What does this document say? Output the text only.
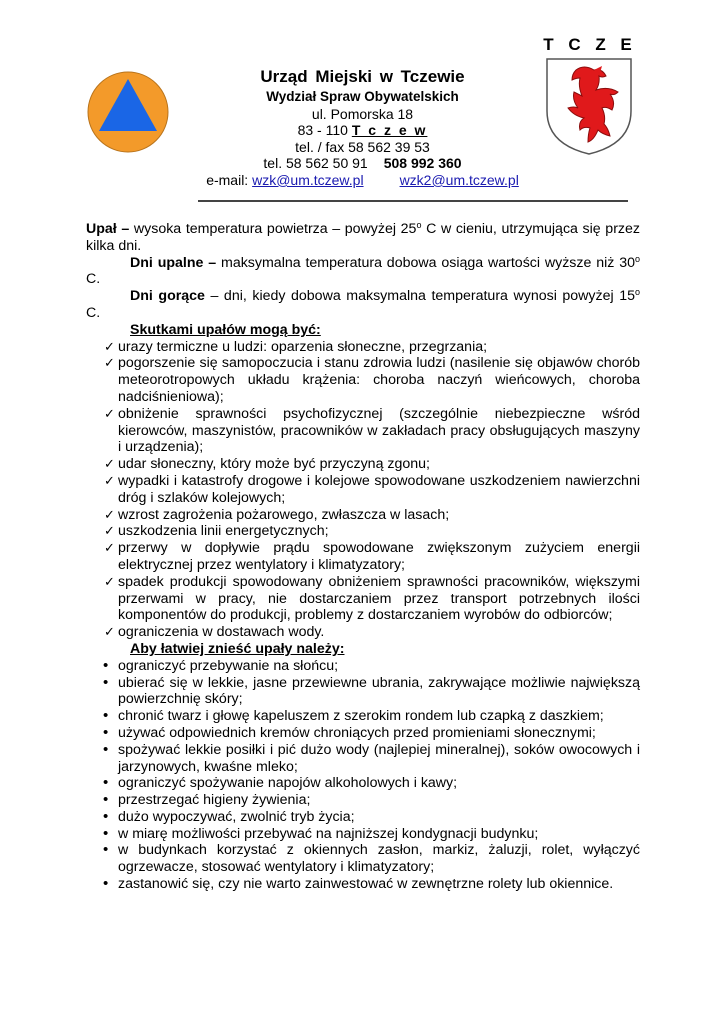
T C Z E
Urząd Miejski w Tczewie
Wydział Spraw Obywatelskich
ul. Pomorska 18
83 - 110 T c z e w
tel. / fax 58 562 39 53
tel. 58 562 50 91 508 992 360
e-mail: wzk@um.tczew.pl	wzk2@um.tczew.pl

Upał – wysoka temperatura powietrza – powyżej 25$^o$ C w cieniu, utrzymująca się przez kilka dni.

Dni upalne – maksymalna temperatura dobowa osiąga wartości wyższe niż 30$^o$ C.

Dni gorące – dni, kiedy dobowa maksymalna temperatura wynosi powyżej 15$^o$ C.

Skutkami upałów mogą być:

✓ urazy termiczne u ludzi: oparzenia słoneczne, przegrzania;
✓ pogorszenie się samopoczucia i stanu zdrowia ludzi (nasilenie się objawów chorób meteorotropowych układu krążenia: choroba naczyń wieńcowych, choroba nadciśnieniowa);
✓ obniżenie sprawności psychofizycznej (szczególnie niebezpieczne wśród kierowców, maszynistów, pracowników w zakładach pracy obsługujących maszyny i urządzenia);
✓ udar słoneczny, który może być przyczyną zgonu;
✓ wypadki i katastrofy drogowe i kolejowe spowodowane uszkodzeniem nawierzchni dróg i szlaków kolejowych;
✓ wzrost zagrożenia pożarowego, zwłaszcza w lasach;
✓ uszkodzenia linii energetycznych;
✓ przerwy w dopływie prądu spowodowane zwiększonym zużyciem energii elektrycznej przez wentylatory i klimatyzatory;
✓ spadek produkcji spowodowany obniżeniem sprawności pracowników, większymi przerwami w pracy, nie dostarczaniem przez transport potrzebnych ilości komponentów do produkcji, problemy z dostarczaniem wyrobów do odbiorców;
✓ ograniczenia w dostawach wody.

Aby łatwiej znieść upały należy:

• ograniczyć przebywanie na słońcu;
• ubierać się w lekkie, jasne przewiewne ubrania, zakrywające możliwie największą powierzchnię skóry;
• chronić twarz i głowę kapeluszem z szerokim rondem lub czapką z daszkiem;
• używać odpowiednich kremów chroniących przed promieniami słonecznymi;
• spożywać lekkie posiłki i pić dużo wody (najlepiej mineralnej), soków owocowych i jarzynowych, kwaśne mleko;
• ograniczyć spożywanie napojów alkoholowych i kawy;
• przestrzegać higieny żywienia;
• dużo wypoczywać, zwolnić tryb życia;
• w miarę możliwości przebywać na najniższej kondygnacji budynku;
• w budynkach korzystać z okiennych zasłon, markiz, żaluzji, rolet, wyłączyć ogrzewacze, stosować wentylatory i klimatyzatory;
• zastanowić się, czy nie warto zainwestować w zewnętrzne rolety lub okiennice.
